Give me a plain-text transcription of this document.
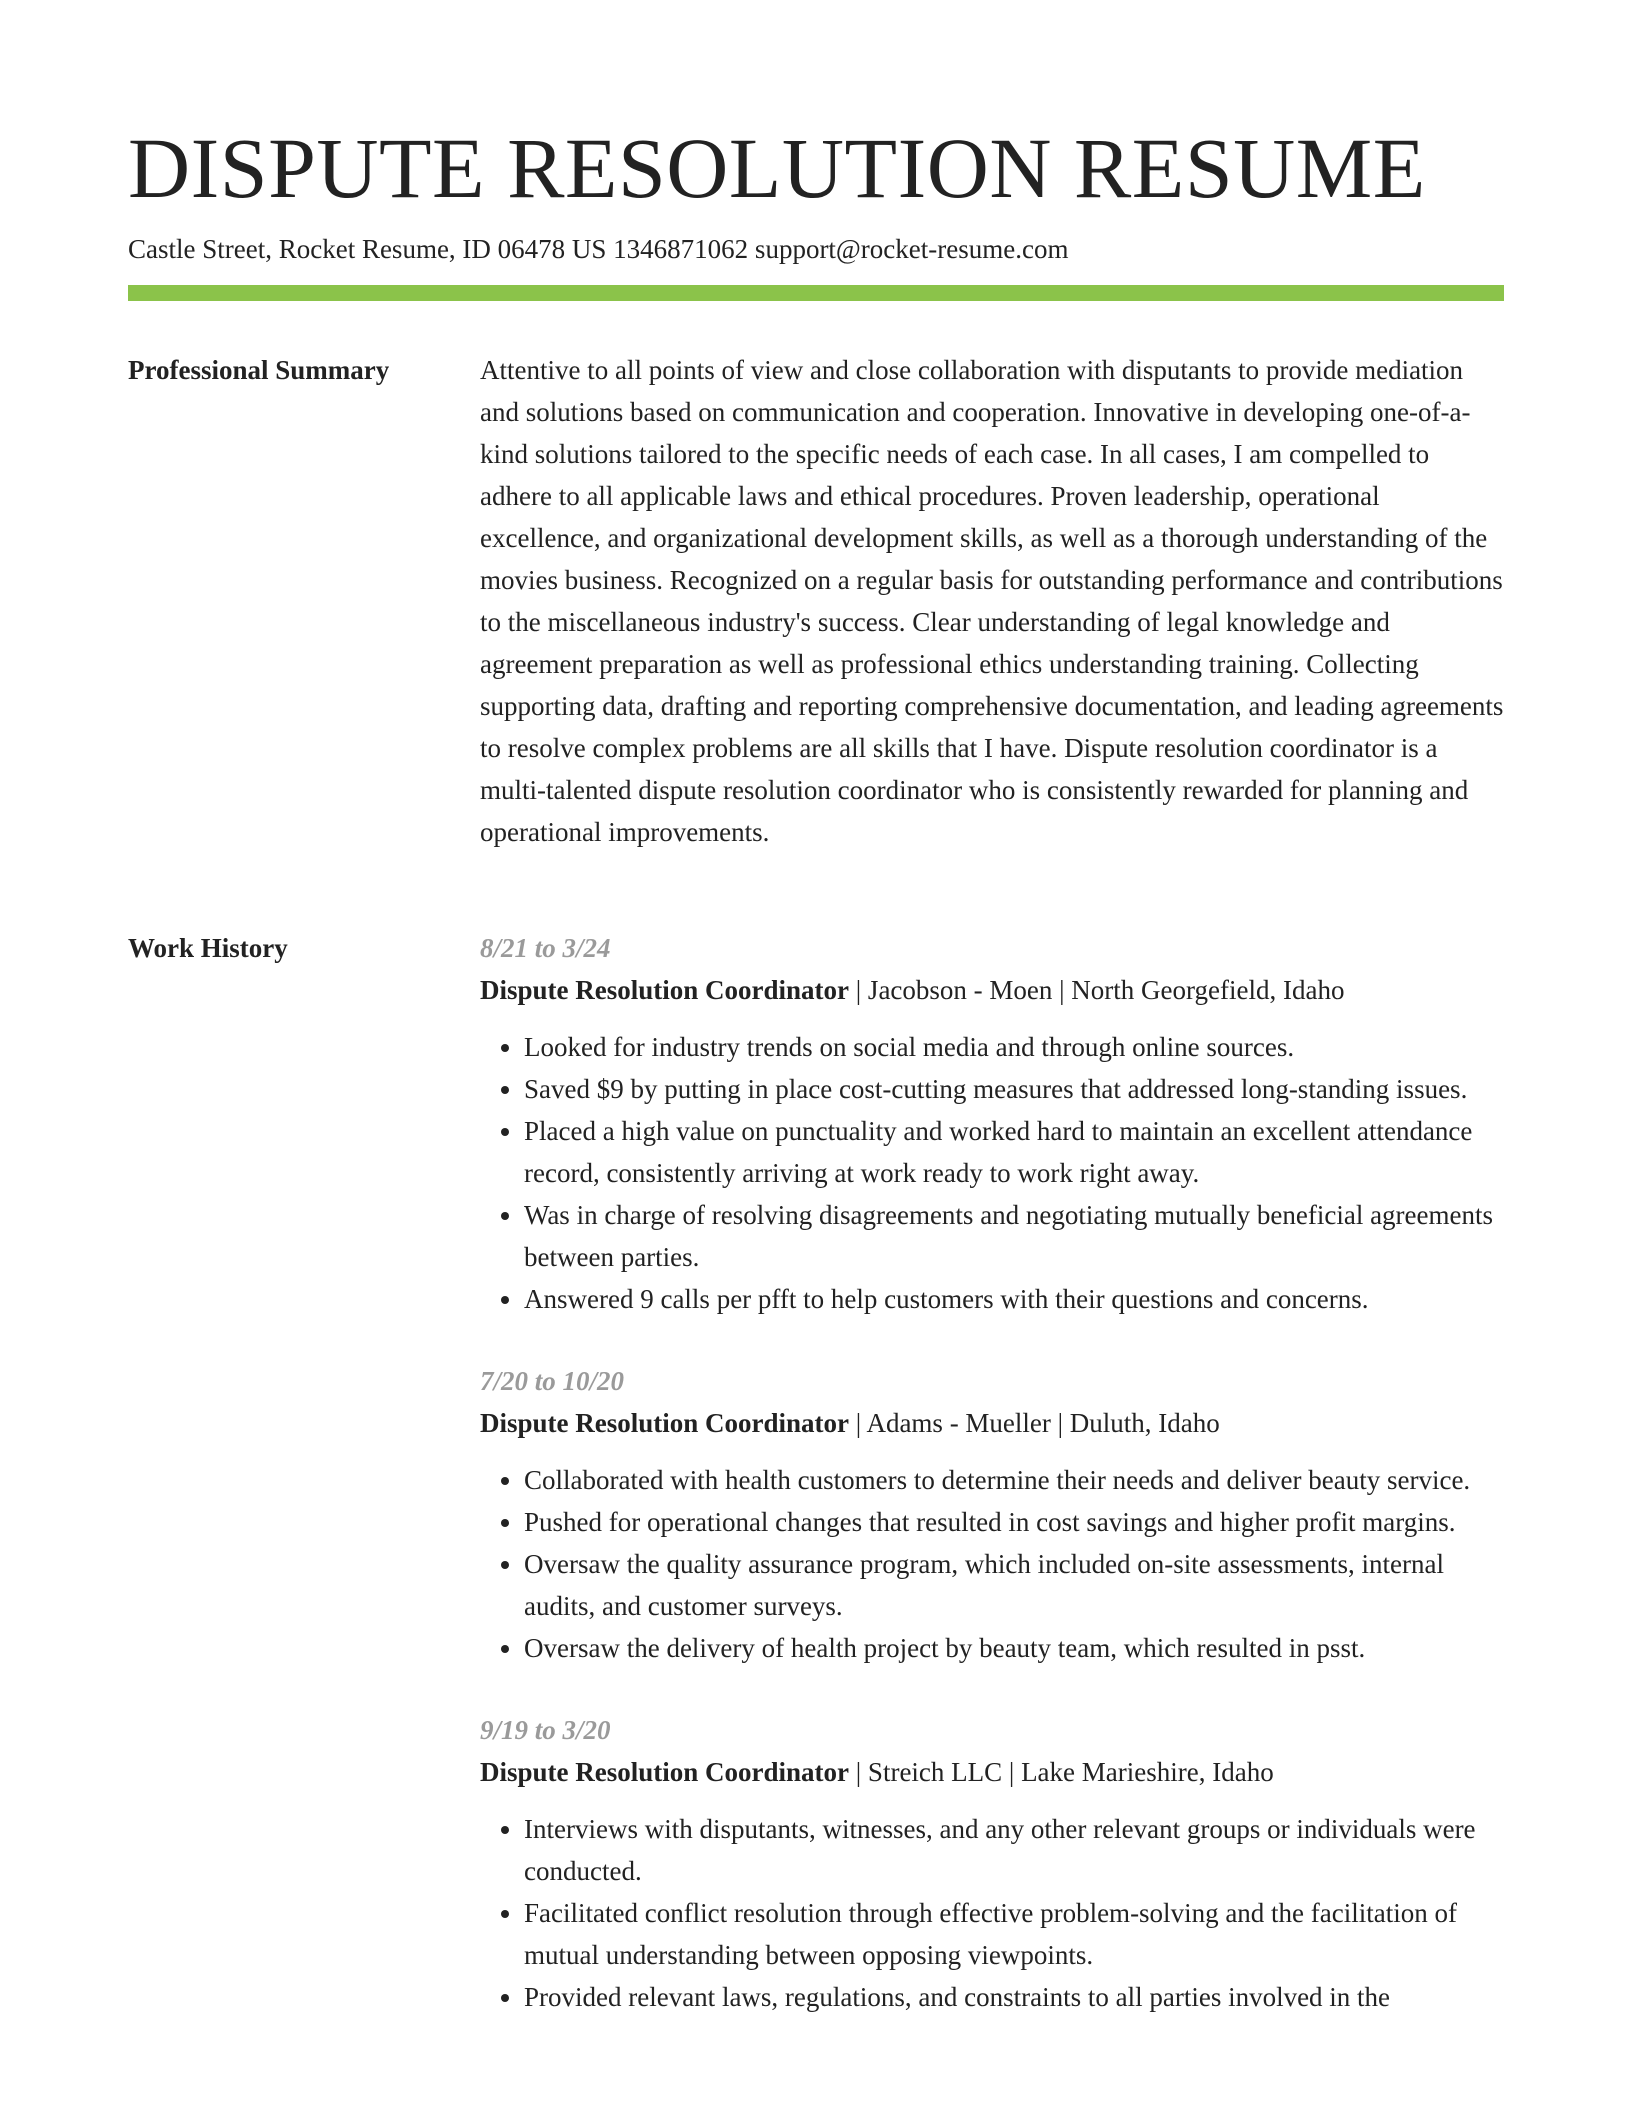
DISPUTE RESOLUTION RESUME
Castle Street, Rocket Resume, ID 06478 US 1346871062 support@rocket-resume.com
Professional Summary	Attentive to all points of view and close collaboration with disputants to provide mediation and solutions based on communication and cooperation. Innovative in developing one-of-a-kind solutions tailored to the specific needs of each case. In all cases, I am compelled to adhere to all applicable laws and ethical procedures. Proven leadership, operational excellence, and organizational development skills, as well as a thorough understanding of the movies business. Recognized on a regular basis for outstanding performance and contributions to the miscellaneous industry's success. Clear understanding of legal knowledge and agreement preparation as well as professional ethics understanding training. Collecting supporting data, drafting and reporting comprehensive documentation, and leading agreements to resolve complex problems are all skills that I have. Dispute resolution coordinator is a multi-talented dispute resolution coordinator who is consistently rewarded for planning and operational improvements.

Work History	8/21 to 3/24
Dispute Resolution Coordinator | Jacobson - Moen | North Georgefield, Idaho
• Looked for industry trends on social media and through online sources.
• Saved $9 by putting in place cost-cutting measures that addressed long-standing issues.
• Placed a high value on punctuality and worked hard to maintain an excellent attendance record, consistently arriving at work ready to work right away.
• Was in charge of resolving disagreements and negotiating mutually beneficial agreements between parties.
• Answered 9 calls per pfft to help customers with their questions and concerns.
7/20 to 10/20
Dispute Resolution Coordinator | Adams - Mueller | Duluth, Idaho
• Collaborated with health customers to determine their needs and deliver beauty service.
• Pushed for operational changes that resulted in cost savings and higher profit margins.
• Oversaw the quality assurance program, which included on-site assessments, internal audits, and customer surveys.
• Oversaw the delivery of health project by beauty team, which resulted in psst.
9/19 to 3/20
Dispute Resolution Coordinator | Streich LLC | Lake Marieshire, Idaho
• Interviews with disputants, witnesses, and any other relevant groups or individuals were conducted.
• Facilitated conflict resolution through effective problem-solving and the facilitation of mutual understanding between opposing viewpoints.
• Provided relevant laws, regulations, and constraints to all parties involved in the
